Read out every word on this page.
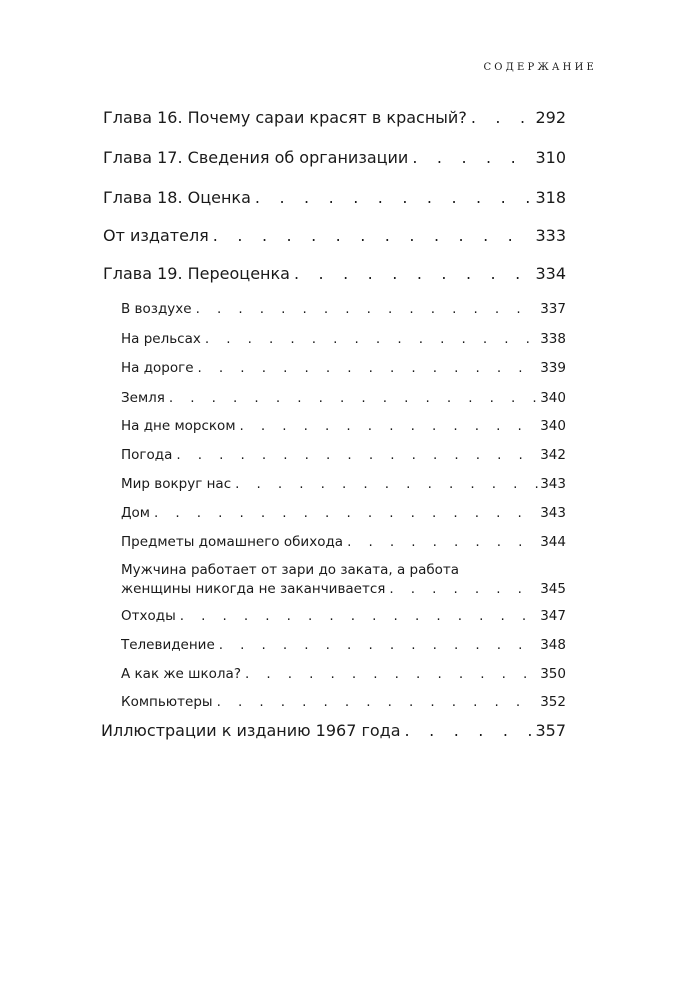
СОДЕРЖАНИЕ
Глава 16. Почему сараи красят в красный? . . .	292
Глава 17. Сведения об организации . . .	310
Глава 18. Оценка . . .	318
От издателя . . .	333
Глава 19. Переоценка . . .	334
В воздухе . . .	337
На рельсах . . .	338
На дороге . . .	339
Земля . . .	340
На дне морском . . .	340
Погода . . .	342
Мир вокруг нас . . .	343
Дом . . .	343
Предметы домашнего обихода . . .	344
Мужчина работает от зари до заката, а работа
женщины никогда не заканчивается . . .	345
Отходы . . .	347
Телевидение . . .	348
А как же школа? . . .	350
Компьютеры . . .	352
Иллюстрации к изданию 1967 года . . .	357
